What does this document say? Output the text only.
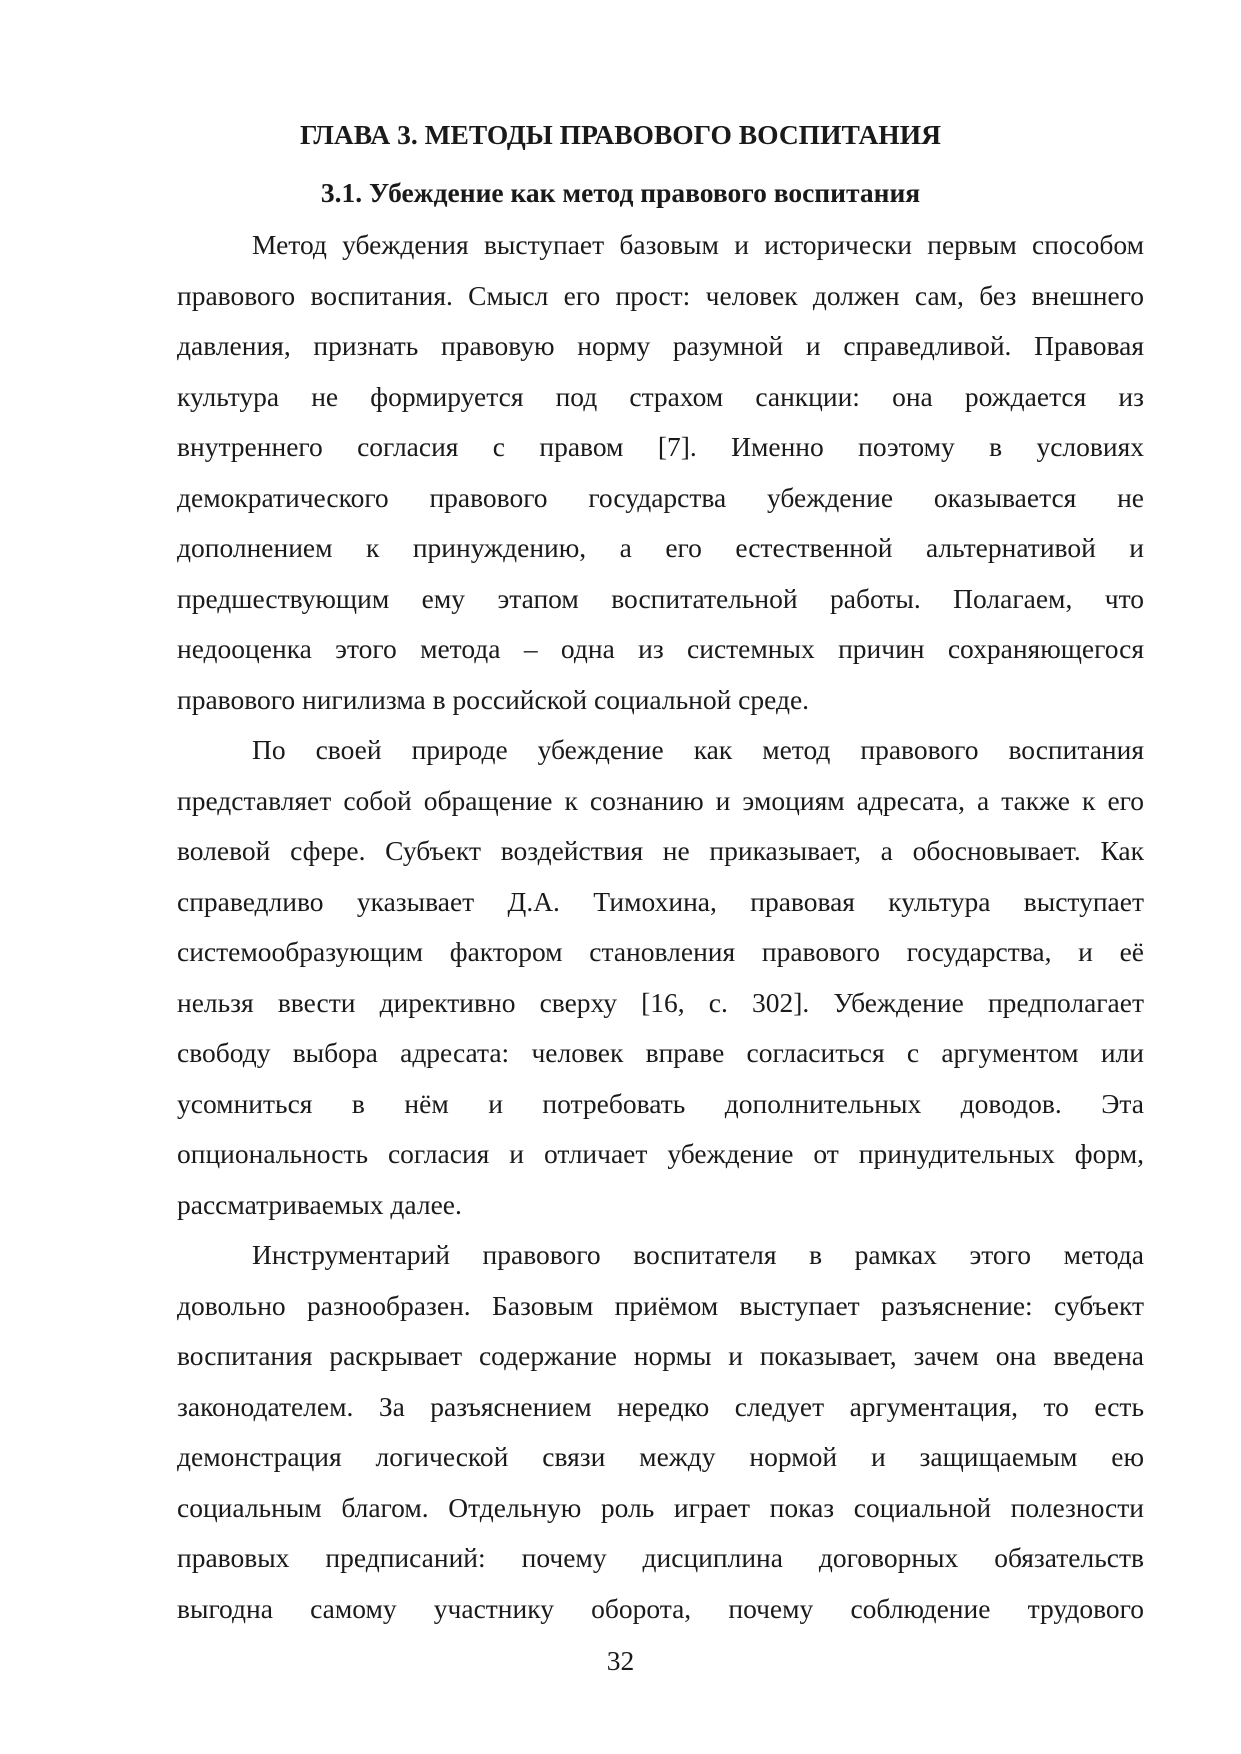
ГЛАВА 3. МЕТОДЫ ПРАВОВОГО ВОСПИТАНИЯ
3.1. Убеждение как метод правового воспитания
Метод убеждения выступает базовым и исторически первым способом
правового воспитания. Смысл его прост: человек должен сам, без внешнего
давления, признать правовую норму разумной и справедливой. Правовая
культура не формируется под страхом санкции: она рождается из
внутреннего согласия с правом [7]. Именно поэтому в условиях
демократического правового государства убеждение оказывается не
дополнением к принуждению, а его естественной альтернативой и
предшествующим ему этапом воспитательной работы. Полагаем, что
недооценка этого метода – одна из системных причин сохраняющегося
правового нигилизма в российской социальной среде.
По своей природе убеждение как метод правового воспитания
представляет собой обращение к сознанию и эмоциям адресата, а также к его
волевой сфере. Субъект воздействия не приказывает, а обосновывает. Как
справедливо указывает Д.А. Тимохина, правовая культура выступает
системообразующим фактором становления правового государства, и её
нельзя ввести директивно сверху [16, с. 302]. Убеждение предполагает
свободу выбора адресата: человек вправе согласиться с аргументом или
усомниться в нём и потребовать дополнительных доводов. Эта
опциональность согласия и отличает убеждение от принудительных форм,
рассматриваемых далее.
Инструментарий правового воспитателя в рамках этого метода
довольно разнообразен. Базовым приёмом выступает разъяснение: субъект
воспитания раскрывает содержание нормы и показывает, зачем она введена
законодателем. За разъяснением нередко следует аргументация, то есть
демонстрация логической связи между нормой и защищаемым ею
социальным благом. Отдельную роль играет показ социальной полезности
правовых предписаний: почему дисциплина договорных обязательств
выгодна самому участнику оборота, почему соблюдение трудового
32
